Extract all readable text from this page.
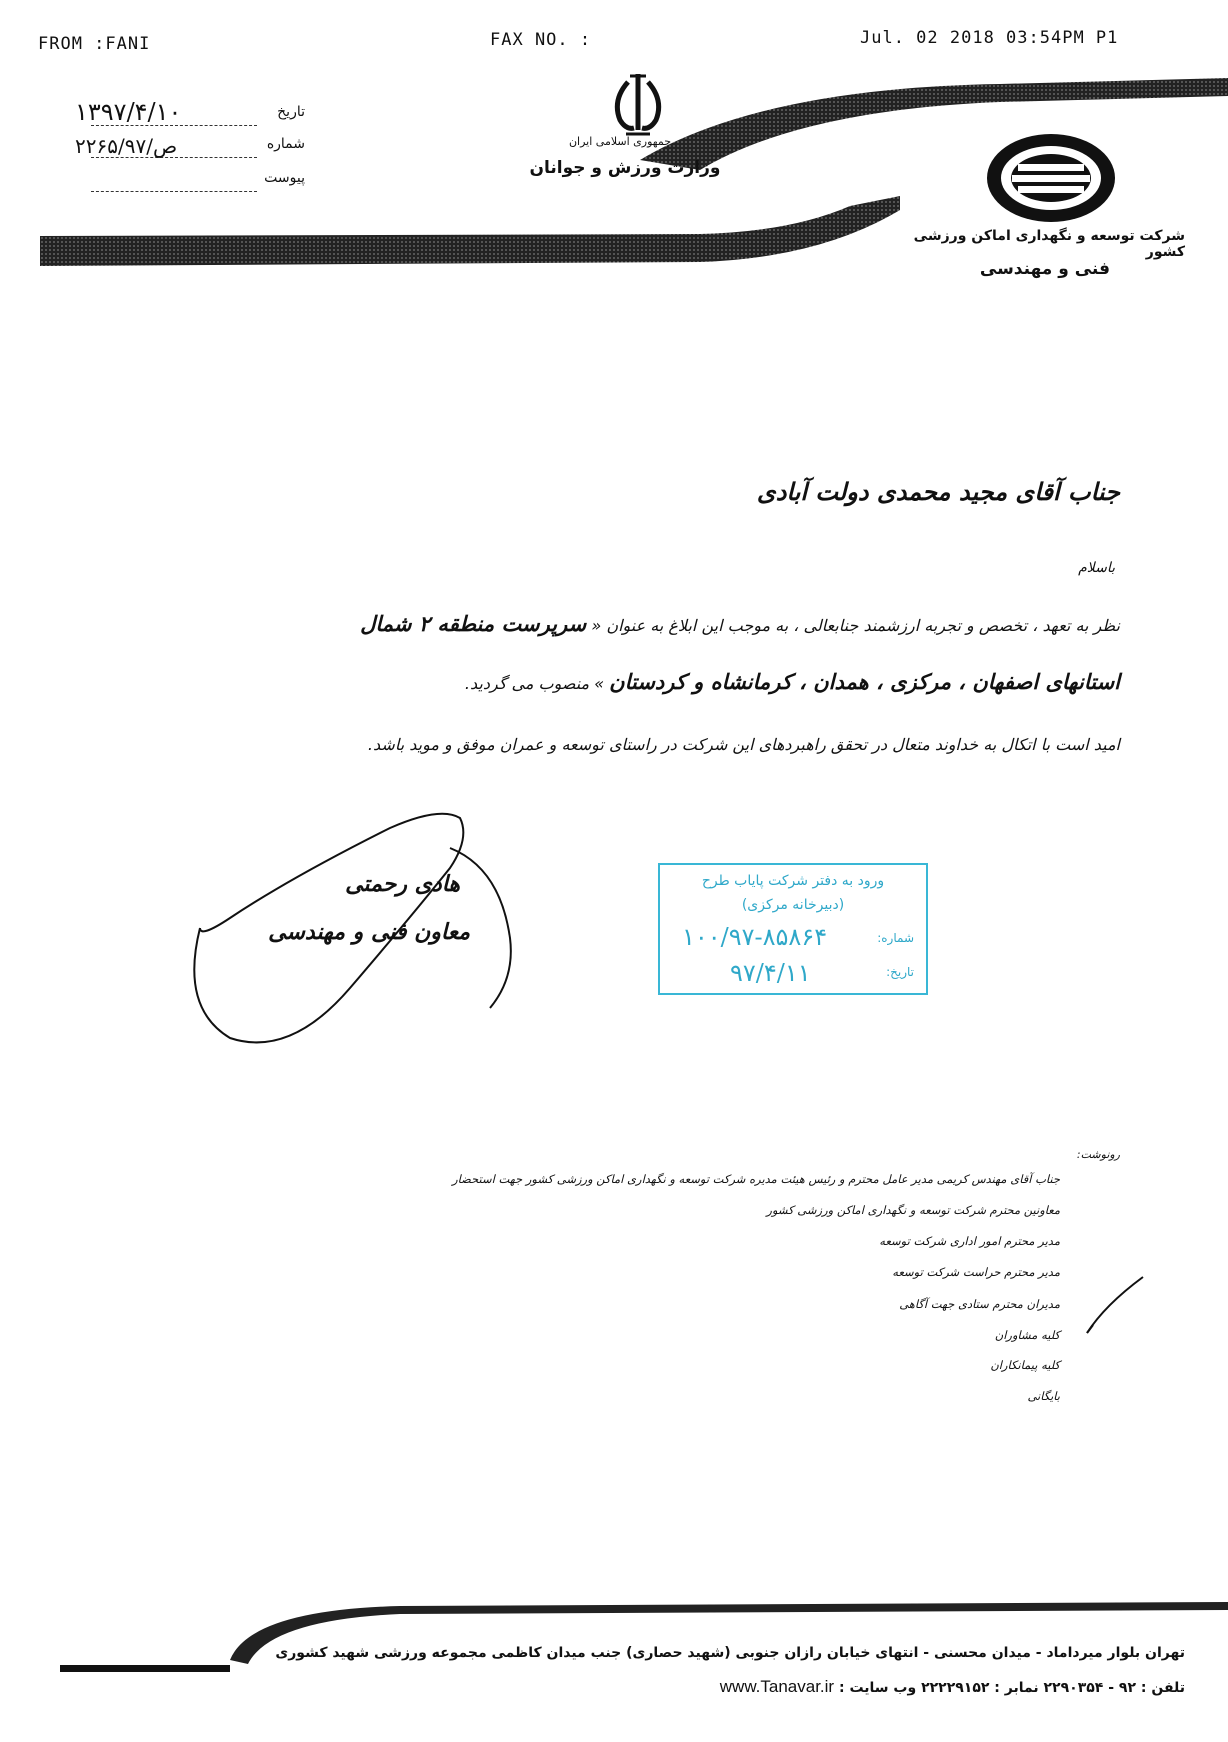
FROM :FANI	FAX NO. :	Jul. 02 2018 03:54PM P1
تاریخ
۱۳۹۷/۴/۱۰
شماره
۲۲۶۵/۹۷/ص
پیوست
جمهوری اسلامی ایران
وزارت ورزش و جوانان
شرکت توسعه و نگهداری اماکن ورزشی کشور
فنی و مهندسی
جناب آقای مجید محمدی دولت آبادی
باسلام
نظر به تعهد ، تخصص و تجربه ارزشمند جنابعالی ، به موجب این ابلاغ به عنوان « سرپرست منطقه ۲ شمال
استانهای اصفهان ، مرکزی ، همدان ، کرمانشاه و کردستان » منصوب می گردید.
امید است با اتکال به خداوند متعال در تحقق راهبردهای این شرکت در راستای توسعه و عمران موفق و موید باشد.
هادی رحمتی
معاون فنی و مهندسی
ورود به دفتر شرکت پایاب طرح
(دبیرخانه مرکزی)
شماره:
۱۰۰/۹۷-۸۵۸۶۴
تاریخ:
۹۷/۴/۱۱
رونوشت:
جناب آقای مهندس کریمی مدیر عامل محترم و رئیس هیئت مدیره شرکت توسعه و نگهداری اماکن ورزشی کشور جهت استحضار
معاونین محترم شرکت توسعه و نگهداری اماکن ورزشی کشور
مدیر محترم امور اداری شرکت توسعه
مدیر محترم حراست شرکت توسعه
مدیران محترم ستادی جهت آگاهی
کلیه مشاوران
کلیه پیمانکاران
بایگانی
تهران بلوار میرداماد - میدان محسنی - انتهای خیابان رازان جنوبی (شهید حصاری) جنب میدان کاظمی مجموعه ورزشی شهید کشوری
تلفن : ۹۲ - ۲۲۹۰۳۵۴ نمابر : ۲۲۲۲۹۱۵۲ وب سایت : www.Tanavar.ir
